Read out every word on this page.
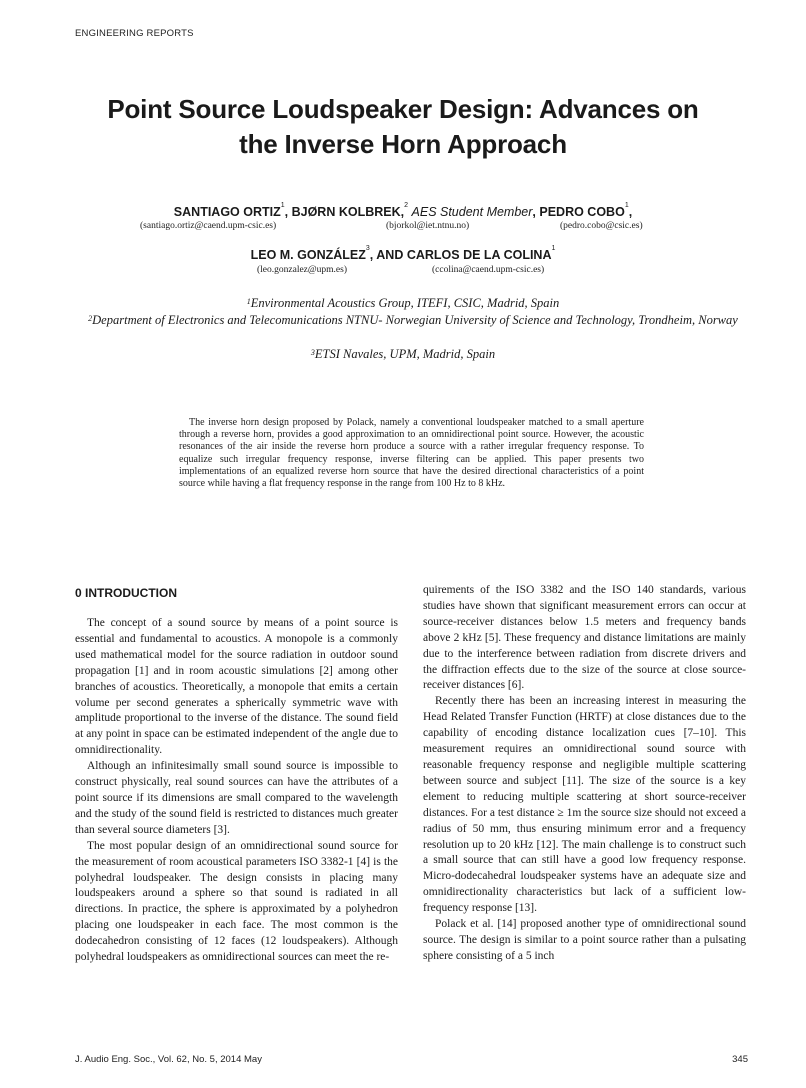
ENGINEERING REPORTS
Point Source Loudspeaker Design: Advances on
the Inverse Horn Approach
SANTIAGO ORTIZ$^1$, BJØRN KOLBREK,$^2$ AES Student Member, PEDRO COBO$^1$,
(santiago.ortiz@caend.upm-csic.es)	(bjorkol@iet.ntnu.no)	(pedro.cobo@csic.es)
LEO M. GONZÁLEZ$^3$, AND CARLOS DE LA COLINA$^1$
(leo.gonzalez@upm.es)	(ccolina@caend.upm-csic.es)
$^1$Environmental Acoustics Group, ITEFI, CSIC, Madrid, Spain
$^2$Department of Electronics and Telecomunications NTNU- Norwegian University of Science and Technology, Trondheim, Norway
$^3$ETSI Navales, UPM, Madrid, Spain
The inverse horn design proposed by Polack, namely a conventional loudspeaker matched to a small aperture through a reverse horn, provides a good approximation to an omnidirectional point source. However, the acoustic resonances of the air inside the reverse horn produce a source with a rather irregular frequency response. To equalize such irregular frequency response, inverse filtering can be applied. This paper presents two implementations of an equalized reverse horn source that have the desired directional characteristics of a point source while having a flat frequency response in the range from 100 Hz to 8 kHz.
0 INTRODUCTION

The concept of a sound source by means of a point source is essential and fundamental to acoustics. A monopole is a commonly used mathematical model for the source radiation in outdoor sound propagation [1] and in room acoustic simulations [2] among other branches of acoustics. Theoretically, a monopole that emits a certain volume per second generates a spherically symmetric wave with amplitude proportional to the inverse of the distance. The sound field at any point in space can be estimated independent of the angle due to omnidirectionality.

Although an infinitesimally small sound source is impossible to construct physically, real sound sources can have the attributes of a point source if its dimensions are small compared to the wavelength and the study of the sound field is restricted to distances much greater than several source diameters [3].

The most popular design of an omnidirectional sound source for the measurement of room acoustical parameters ISO 3382-1 [4] is the polyhedral loudspeaker. The design consists in placing many loudspeakers around a sphere so that sound is radiated in all directions. In practice, the sphere is approximated by a polyhedron placing one loudspeaker in each face. The most common is the dodecahedron consisting of 12 faces (12 loudspeakers). Although polyhedral loudspeakers as omnidirectional sources can meet the re-

quirements of the ISO 3382 and the ISO 140 standards, various studies have shown that significant measurement errors can occur at source-receiver distances below 1.5 meters and frequency bands above 2 kHz [5]. These frequency and distance limitations are mainly due to the interference between radiation from discrete drivers and the diffraction effects due to the size of the source at close source-receiver distances [6].

Recently there has been an increasing interest in measuring the Head Related Transfer Function (HRTF) at close distances due to the capability of encoding distance localization cues [7–10]. This measurement requires an omnidirectional sound source with reasonable frequency response and negligible multiple scattering between source and subject [11]. The size of the source is a key element to reducing multiple scattering at short source-receiver distances. For a test distance ≥ 1m the source size should not exceed a radius of 50 mm, thus ensuring minimum error and a frequency resolution up to 20 kHz [12]. The main challenge is to construct such a small source that can still have a good low frequency response. Micro-dodecahedral loudspeaker systems have an adequate size and omnidirectionality characteristics but lack of a sufficient low-frequency response [13].

Polack et al. [14] proposed another type of omnidirectional sound source. The design is similar to a point source rather than a pulsating sphere consisting of a 5 inch

J. Audio Eng. Soc., Vol. 62, No. 5, 2014 May	345
